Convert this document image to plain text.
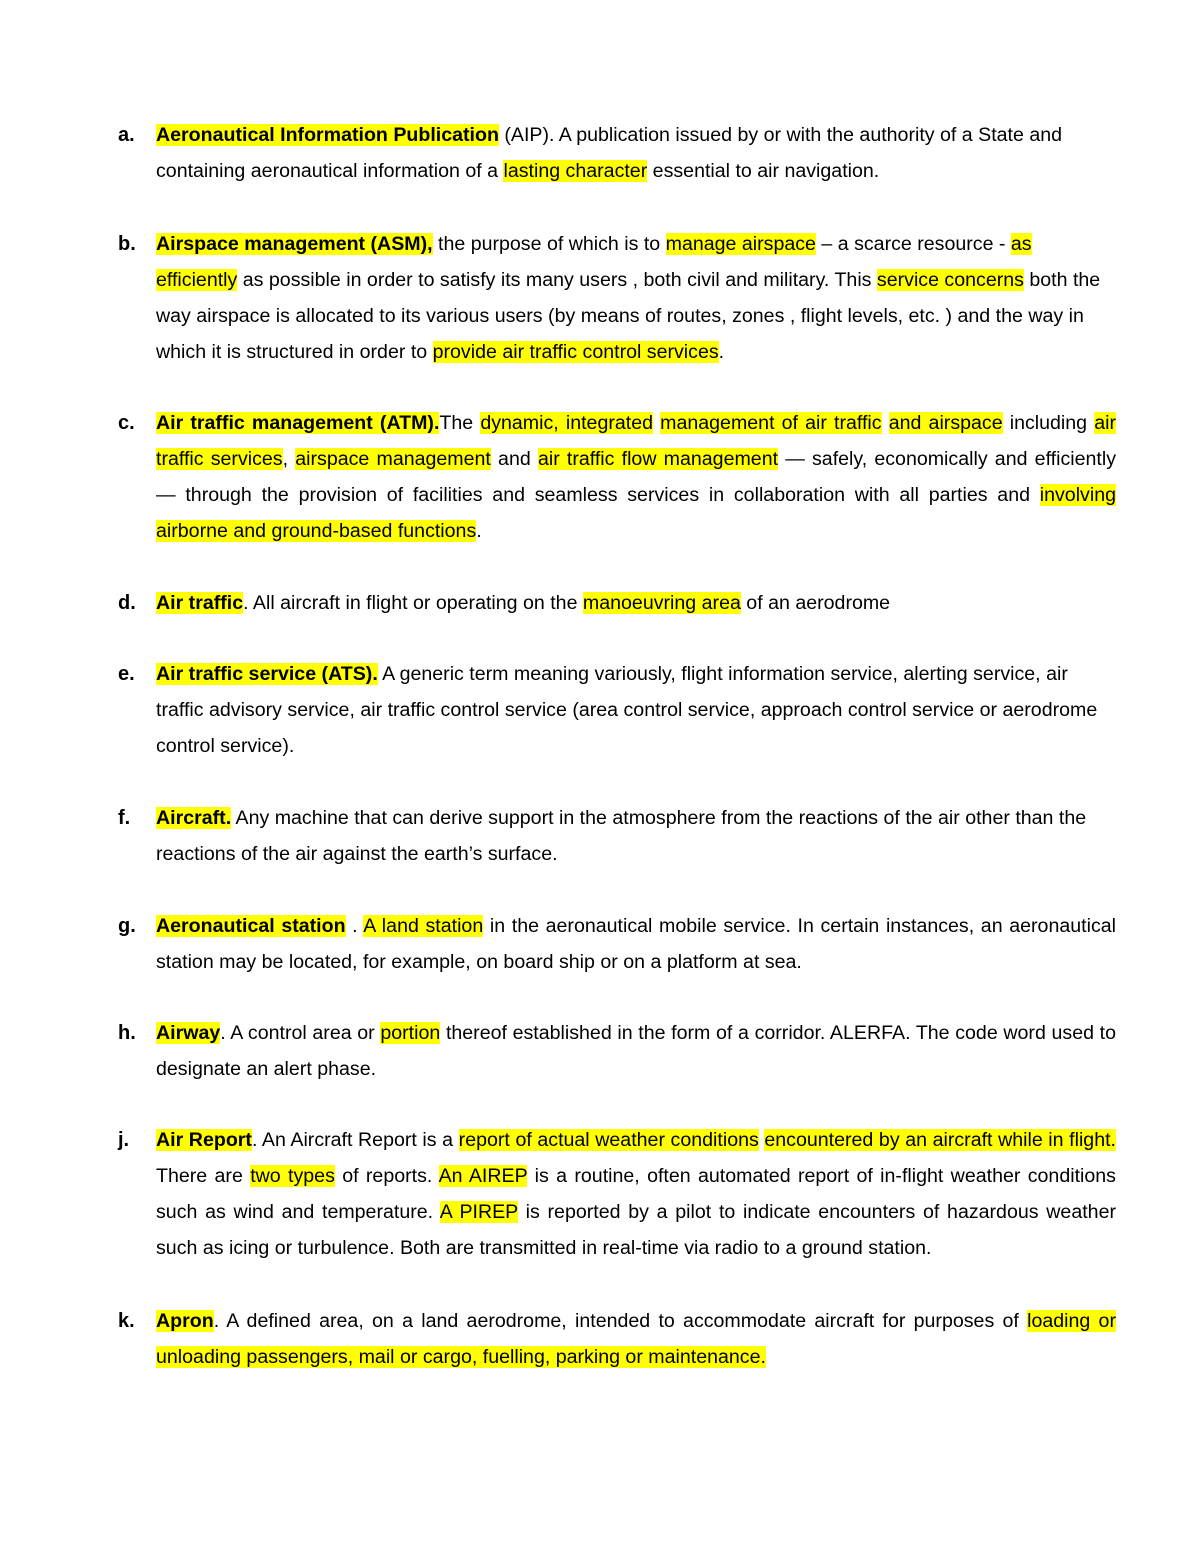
a.	Aeronautical Information Publication (AIP). A publication issued by or with the authority of a State and containing aeronautical information of a lasting character essential to air navigation.
b.	Airspace management (ASM), the purpose of which is to manage airspace – a scarce resource - as efficiently as possible in order to satisfy its many users , both civil and military. This service concerns both the way airspace is allocated to its various users (by means of routes, zones , flight levels, etc. ) and the way in which it is structured in order to provide air traffic control services.
c.	Air traffic management (ATM).The dynamic, integrated management of air traffic and airspace including air traffic services, airspace management and air traffic flow management — safely, economically and efficiently — through the provision of facilities and seamless services in collaboration with all parties and involving airborne and ground-based functions.
d.	Air traffic. All aircraft in flight or operating on the manoeuvring area of an aerodrome
e.	Air traffic service (ATS). A generic term meaning variously, flight information service, alerting service, air traffic advisory service, air traffic control service (area control service, approach control service or aerodrome control service).
f.	Aircraft. Any machine that can derive support in the atmosphere from the reactions of the air other than the reactions of the air against the earth’s surface.
g.	Aeronautical station . A land station in the aeronautical mobile service. In certain instances, an aeronautical station may be located, for example, on board ship or on a platform at sea.
h.	Airway. A control area or portion thereof established in the form of a corridor. ALERFA. The code word used to designate an alert phase.
j.	Air Report. An Aircraft Report is a report of actual weather conditions encountered by an aircraft while in flight. There are two types of reports. An AIREP is a routine, often automated report of in-flight weather conditions such as wind and temperature. A PIREP is reported by a pilot to indicate encounters of hazardous weather such as icing or turbulence. Both are transmitted in real-time via radio to a ground station.
k.	Apron. A defined area, on a land aerodrome, intended to accommodate aircraft for purposes of loading or unloading passengers, mail or cargo, fuelling, parking or maintenance.
